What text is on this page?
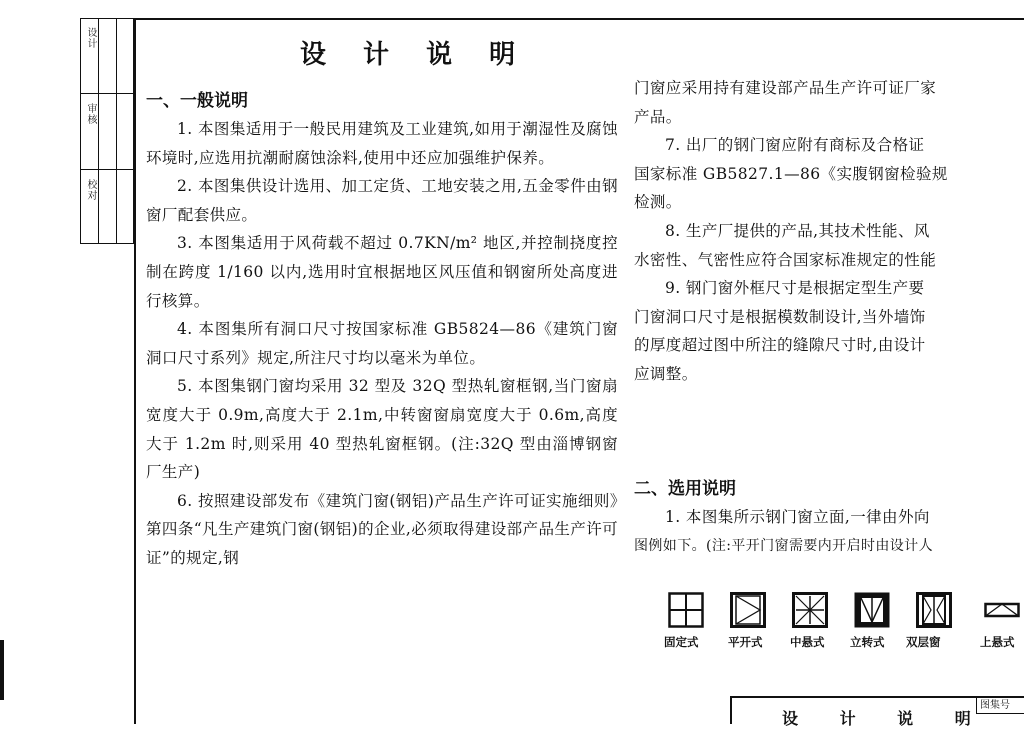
设计
审核
校对
设 计 说 明
一、一般说明

1. 本图集适用于一般民用建筑及工业建筑,如用于潮湿性及腐蚀环境时,应选用抗潮耐腐蚀涂料,使用中还应加强维护保养。

2. 本图集供设计选用、加工定货、工地安装之用,五金零件由钢窗厂配套供应。

3. 本图集适用于风荷载不超过 0.7KN/m² 地区,并控制挠度控制在跨度 1/160 以内,选用时宜根据地区风压值和钢窗所处高度进行核算。

4. 本图集所有洞口尺寸按国家标准 GB5824—86《建筑门窗洞口尺寸系列》规定,所注尺寸均以毫米为单位。

5. 本图集钢门窗均采用 32 型及 32Q 型热轧窗框钢,当门窗扇宽度大于 0.9m,高度大于 2.1m,中转窗窗扇宽度大于 0.6m,高度大于 1.2m 时,则采用 40 型热轧窗框钢。(注:32Q 型由淄博钢窗厂生产)

6. 按照建设部发布《建筑门窗(钢铝)产品生产许可证实施细则》第四条“凡生产建筑门窗(钢铝)的企业,必须取得建设部产品生产许可证”的规定,钢

门窗应采用持有建设部产品生产许可证厂家

产品。

7. 出厂的钢门窗应附有商标及合格证

国家标准 GB5827.1—86《实腹钢窗检验规

检测。

8. 生产厂提供的产品,其技术性能、风

水密性、气密性应符合国家标准规定的性能

9. 钢门窗外框尺寸是根据定型生产要

门窗洞口尺寸是根据模数制设计,当外墙饰

的厚度超过图中所注的缝隙尺寸时,由设计

应调整。

二、选用说明

1. 本图集所示钢门窗立面,一律由外向

图例如下。(注:平开门窗需要内开启时由设计人

固定式	平开式 中悬式 立转式 双层窗	上悬式
设 计 说 明
图集号
